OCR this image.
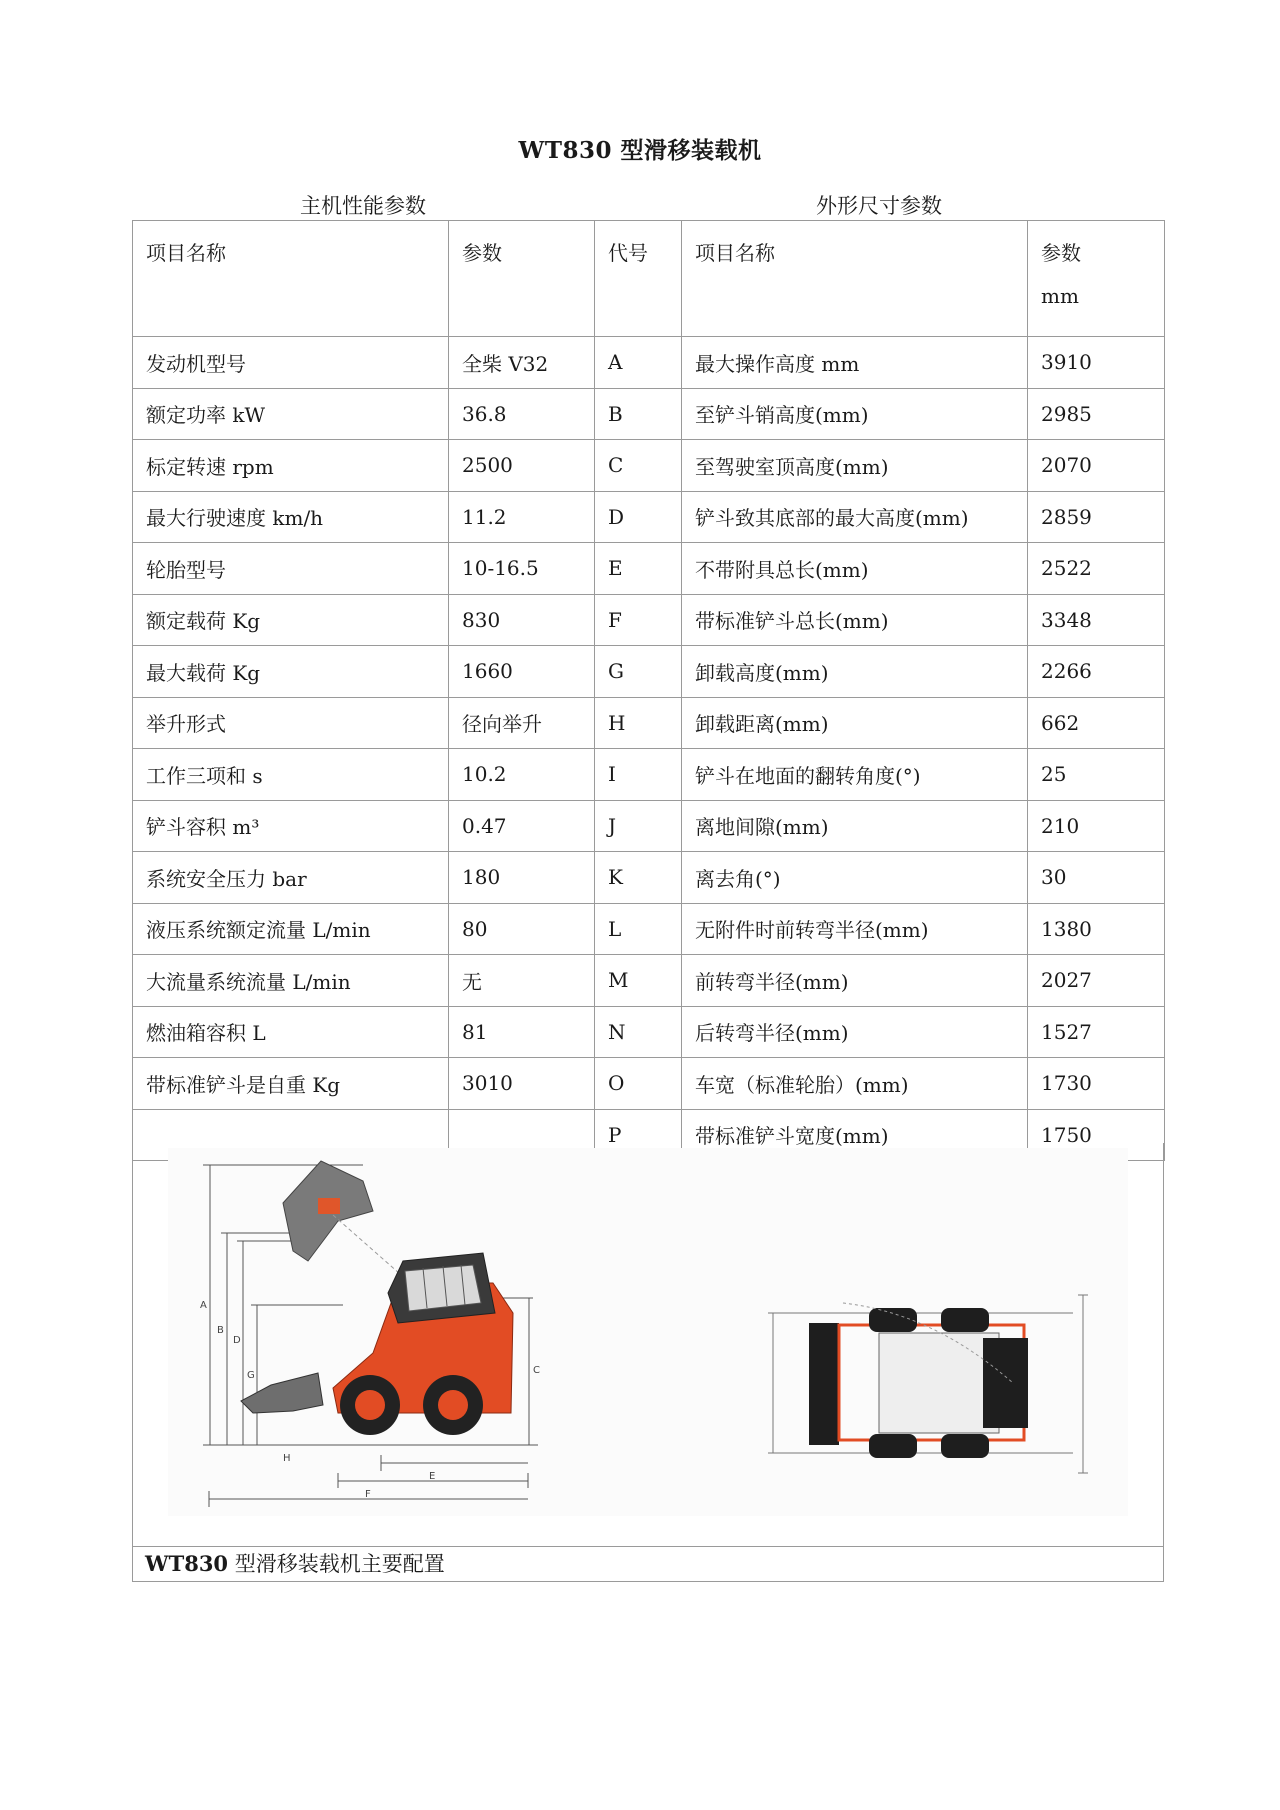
WT830 型滑移装载机
主机性能参数	外形尺寸参数
项目名称	参数	代号	项目名称	参数
mm

发动机型号	全柴 V32	A	最大操作高度 mm	3910
额定功率 kW	36.8	B	至铲斗销高度(mm)	2985
标定转速 rpm	2500	C	至驾驶室顶高度(mm)	2070
最大行驶速度 km/h	11.2	D	铲斗致其底部的最大高度(mm)	2859
轮胎型号	10-16.5	E	不带附具总长(mm)	2522
额定载荷 Kg	830	F	带标准铲斗总长(mm)	3348
最大载荷 Kg	1660	G	卸载高度(mm)	2266
举升形式	径向举升	H	卸载距离(mm)	662
工作三项和 s	10.2	I	铲斗在地面的翻转角度(°)	25
铲斗容积 m³	0.47	J	离地间隙(mm)	210
系统安全压力 bar	180	K	离去角(°)	30
液压系统额定流量 L/min	80	L	无附件时前转弯半径(mm)	1380
大流量系统流量 L/min	无	M	前转弯半径(mm)	2027
燃油箱容积 L	81	N	后转弯半径(mm)	1527
带标准铲斗是自重 Kg	3010	O	车宽（标准轮胎）(mm)	1730
		P	带标准铲斗宽度(mm)	1750
A
B
D
G	C
E
F
H
WT830 型滑移装载机主要配置
